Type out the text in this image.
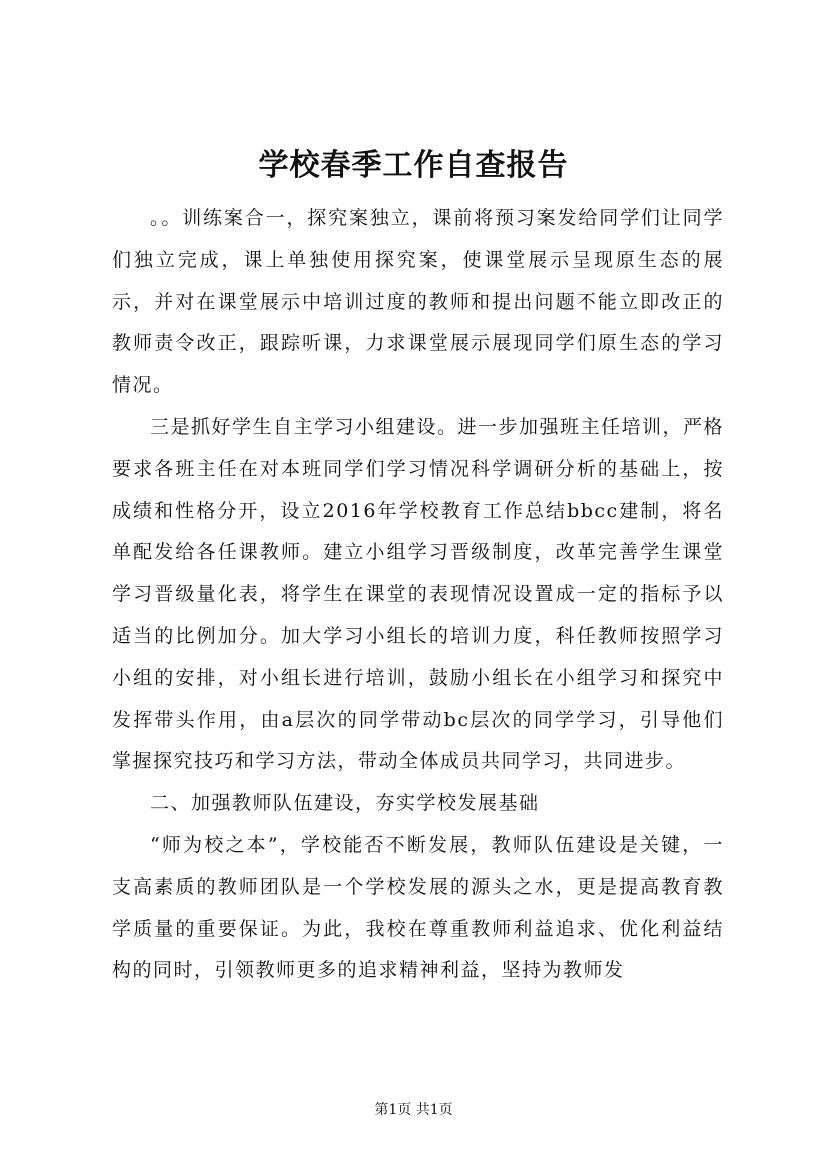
学校春季工作自查报告

。。训练案合一，探究案独立，课前将预习案发给同学们让同学们独立完成，课上单独使用探究案，使课堂展示呈现原生态的展示，并对在课堂展示中培训过度的教师和提出问题不能立即改正的教师责令改正，跟踪听课，力求课堂展示展现同学们原生态的学习情况。

三是抓好学生自主学习小组建设。进一步加强班主任培训，严格要求各班主任在对本班同学们学习情况科学调研分析的基础上，按成绩和性格分开，设立2016年学校教育工作总结bbcc建制，将名单配发给各任课教师。建立小组学习晋级制度，改革完善学生课堂学习晋级量化表，将学生在课堂的表现情况设置成一定的指标予以适当的比例加分。加大学习小组长的培训力度，科任教师按照学习小组的安排，对小组长进行培训，鼓励小组长在小组学习和探究中发挥带头作用，由a层次的同学带动bc层次的同学学习，引导他们掌握探究技巧和学习方法，带动全体成员共同学习，共同进步。

二、加强教师队伍建设，夯实学校发展基础

“师为校之本”，学校能否不断发展，教师队伍建设是关键，一支高素质的教师团队是一个学校发展的源头之水，更是提高教育教学质量的重要保证。为此，我校在尊重教师利益追求、优化利益结构的同时，引领教师更多的追求精神利益，坚持为教师发

第1页 共1页
